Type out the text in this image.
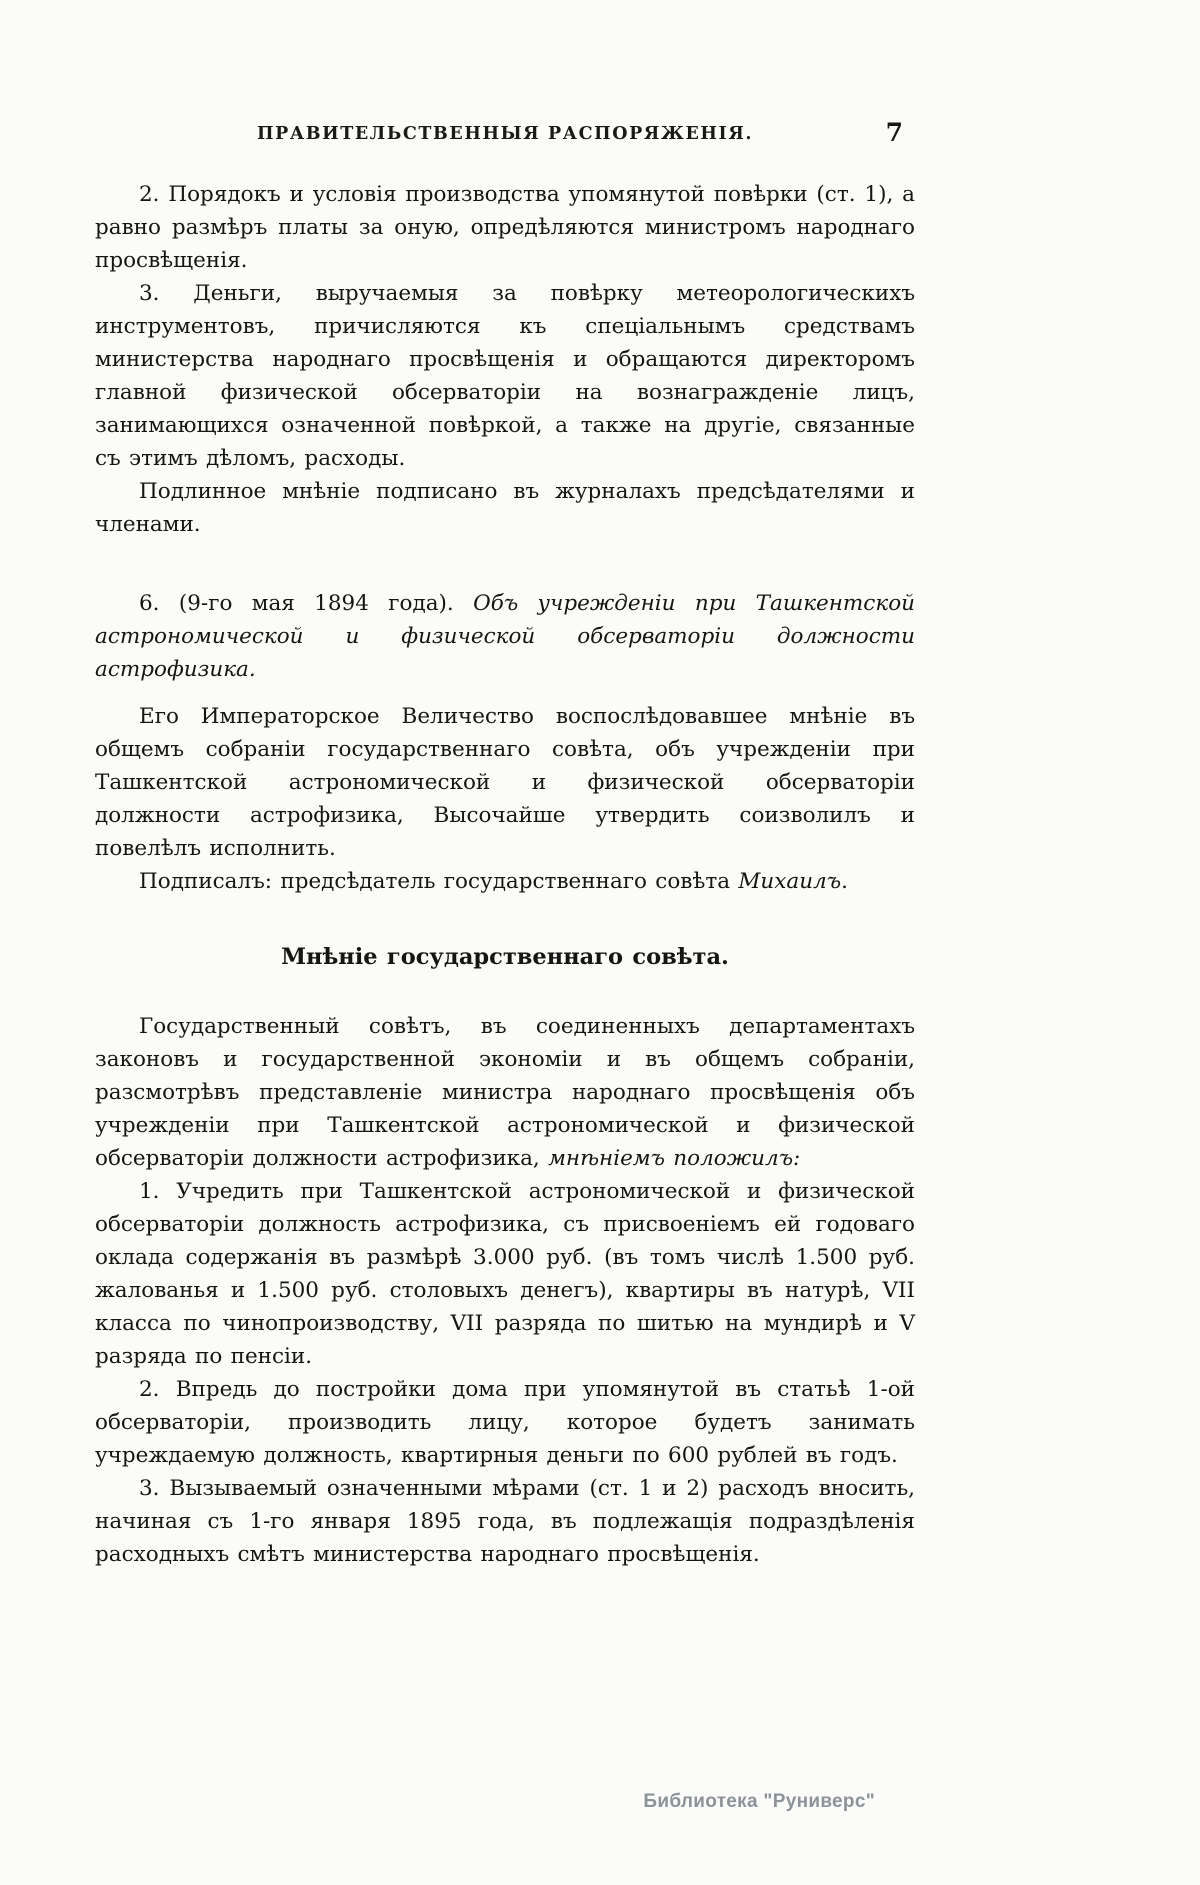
ПРАВИТЕЛЬСТВЕННЫЯ РАСПОРЯЖЕНІЯ.	7

2. Порядокъ и условія производства упомянутой повѣрки (ст. 1), а равно размѣръ платы за оную, опредѣляются министромъ народнаго просвѣщенія.

3. Деньги, выручаемыя за повѣрку метеорологическихъ инструментовъ, причисляются къ спеціальнымъ средствамъ министерства народнаго просвѣщенія и обращаются директоромъ главной физической обсерваторіи на вознагражденіе лицъ, занимающихся означенной повѣркой, а также на другіе, связанные съ этимъ дѣломъ, расходы.

Подлинное мнѣніе подписано въ журналахъ предсѣдателями и членами.

6. (9-го мая 1894 года). Объ учрежденіи при Ташкентской астрономической и физической обсерваторіи должности астрофизика.

Его Императорское Величество воспослѣдовавшее мнѣніе въ общемъ собраніи государственнаго совѣта, объ учрежденіи при Ташкентской астрономической и физической обсерваторіи должности астрофизика, Высочайше утвердить соизволилъ и повелѣлъ исполнить.

Подписалъ: предсѣдатель государственнаго совѣта Михаилъ.

Мнѣніе государственнаго совѣта.

Государственный совѣтъ, въ соединенныхъ департаментахъ законовъ и государственной экономіи и въ общемъ собраніи, разсмотрѣвъ представленіе министра народнаго просвѣщенія объ учрежденіи при Ташкентской астрономической и физической обсерваторіи должности астрофизика, мнѣніемъ положилъ:

1. Учредить при Ташкентской астрономической и физической обсерваторіи должность астрофизика, съ присвоеніемъ ей годоваго оклада содержанія въ размѣрѣ 3.000 руб. (въ томъ числѣ 1.500 руб. жалованья и 1.500 руб. столовыхъ денегъ), квартиры въ натурѣ, VII класса по чинопроизводству, VII разряда по шитью на мундирѣ и V разряда по пенсіи.

2. Впредь до постройки дома при упомянутой въ статьѣ 1-ой обсерваторіи, производить лицу, которое будетъ занимать учреждаемую должность, квартирныя деньги по 600 рублей въ годъ.

3. Вызываемый означенными мѣрами (ст. 1 и 2) расходъ вносить, начиная съ 1-го января 1895 года, въ подлежащія подраздѣленія расходныхъ смѣтъ министерства народнаго просвѣщенія.

Библиотека "Руниверс"
